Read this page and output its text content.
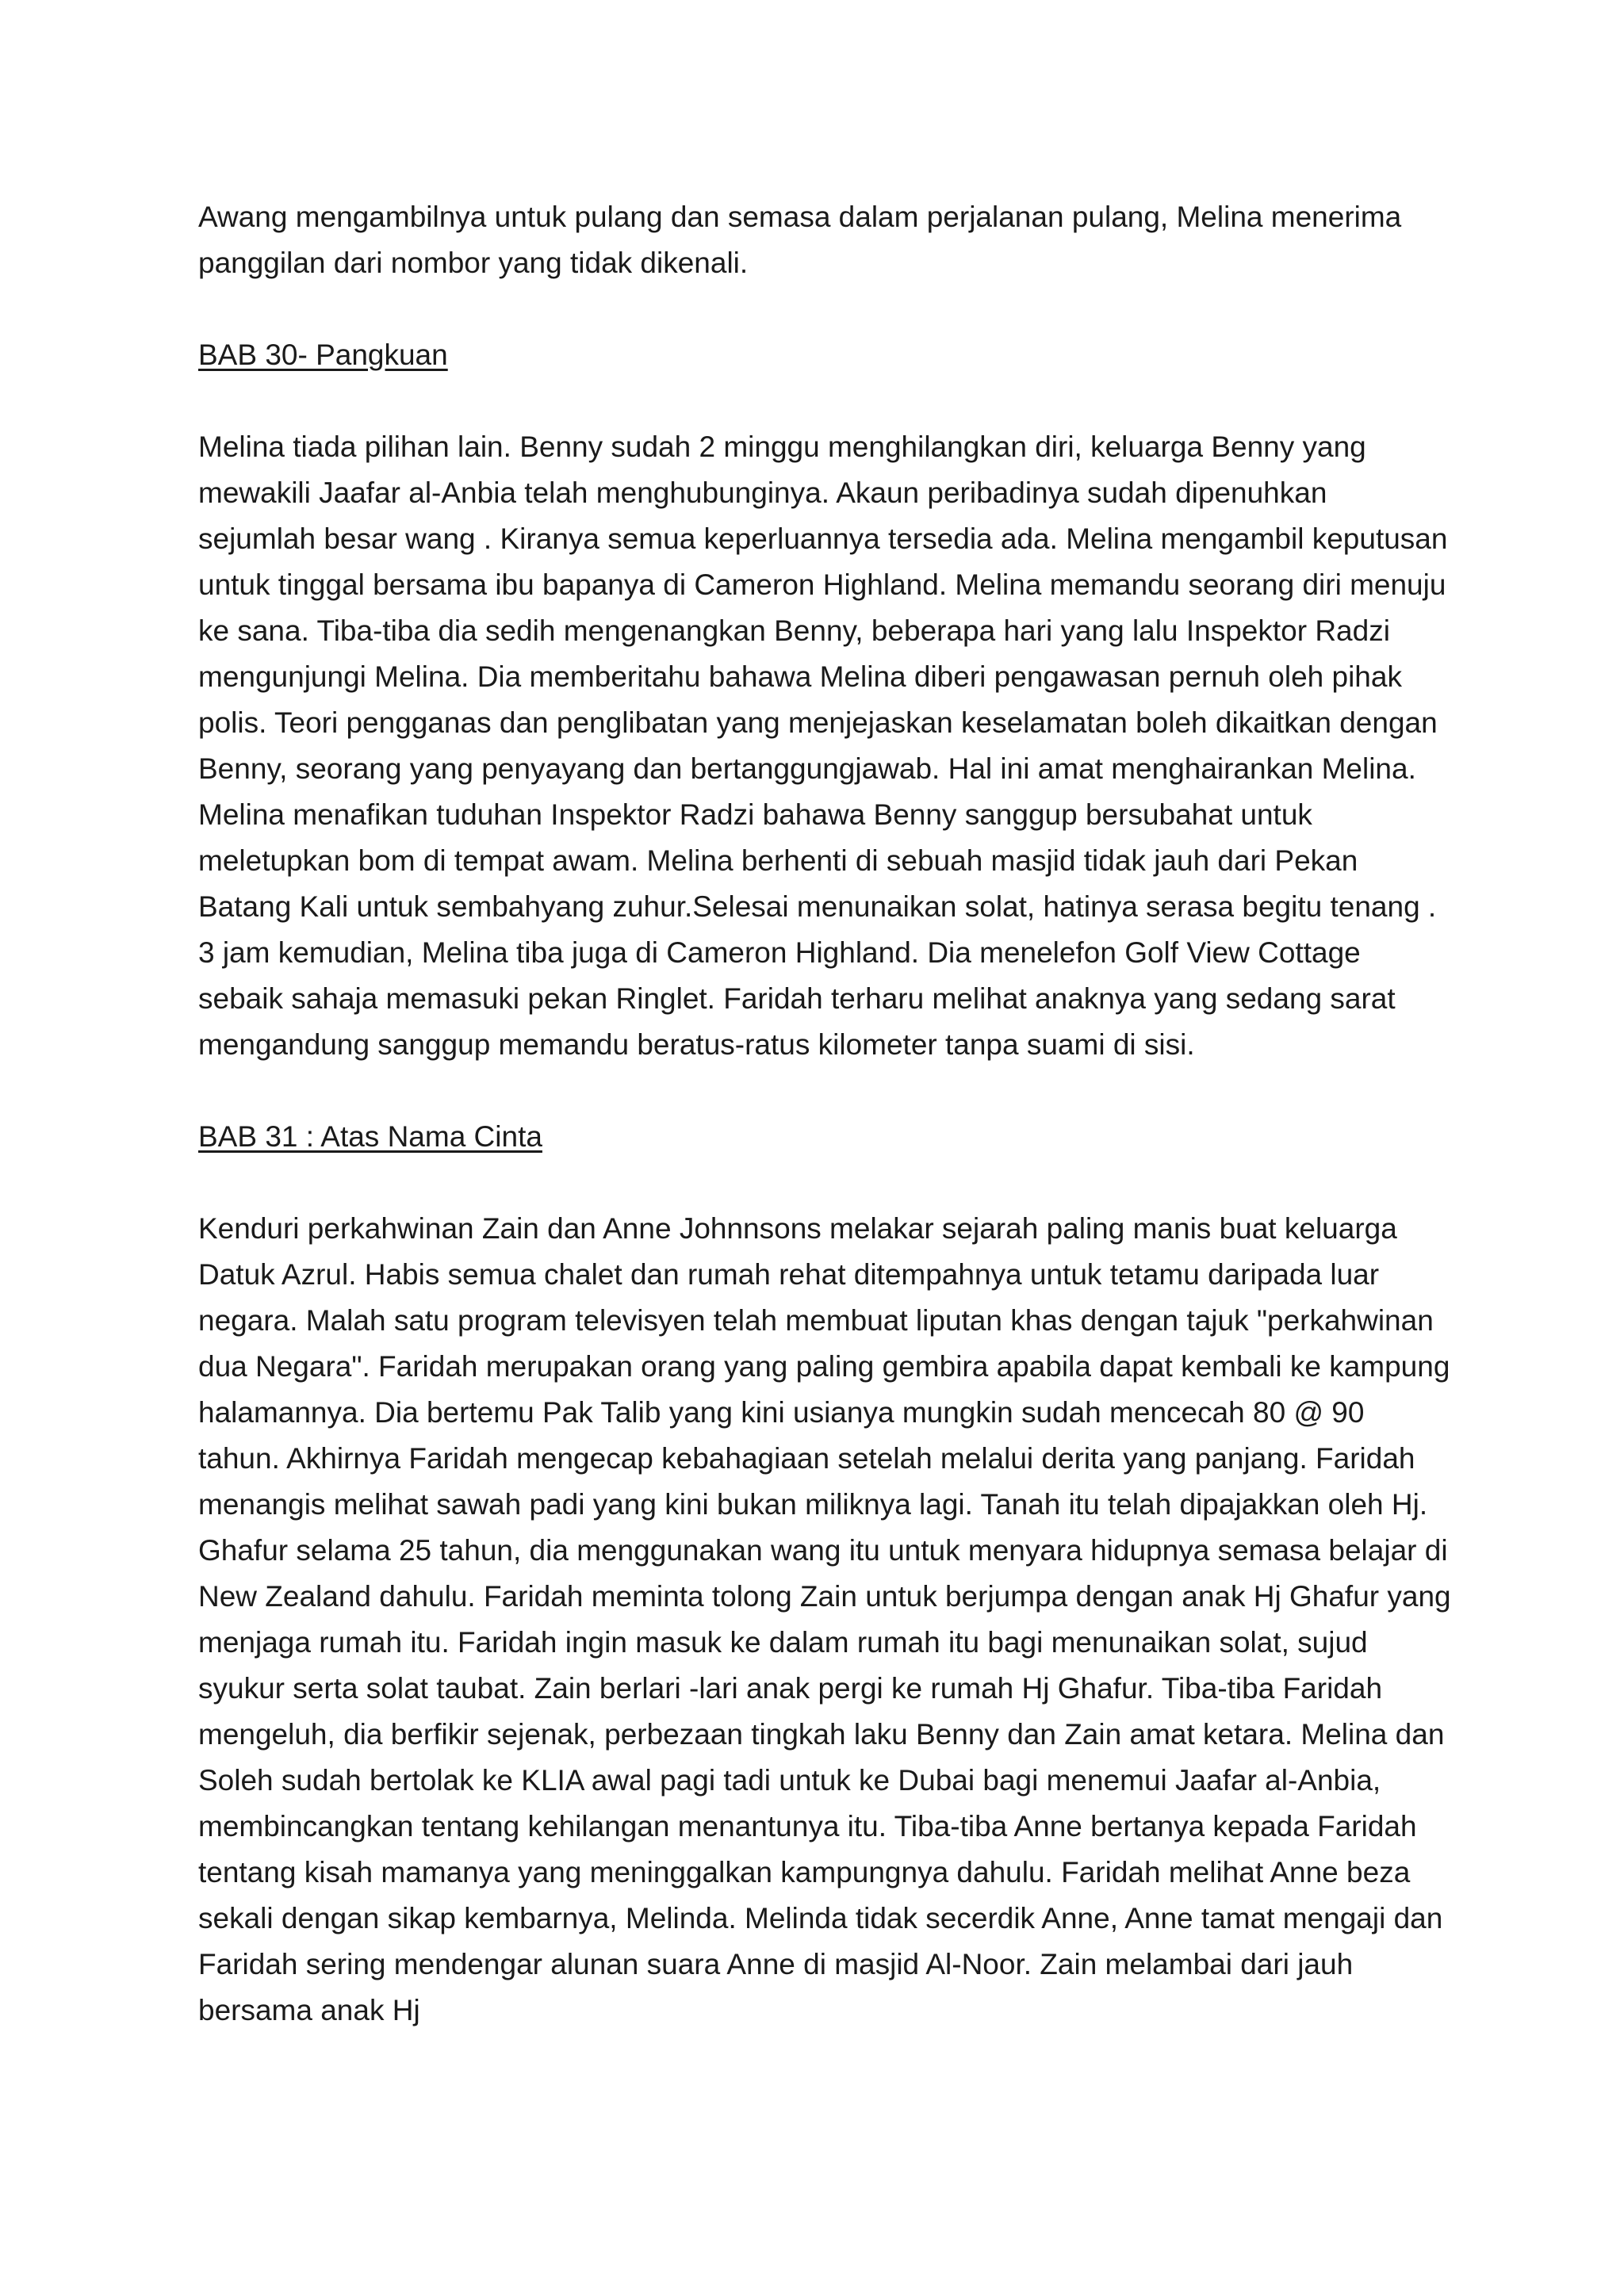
Awang mengambilnya untuk pulang dan semasa dalam perjalanan pulang, Melina menerima panggilan dari nombor yang tidak dikenali.

BAB 30- Pangkuan

Melina tiada pilihan lain. Benny sudah 2 minggu menghilangkan diri, keluarga Benny yang mewakili Jaafar al-Anbia telah menghubunginya. Akaun peribadinya sudah dipenuhkan sejumlah besar wang . Kiranya semua keperluannya tersedia ada. Melina mengambil keputusan untuk tinggal bersama ibu bapanya di Cameron Highland. Melina memandu seorang diri menuju ke sana. Tiba-tiba dia sedih mengenangkan Benny, beberapa hari yang lalu Inspektor Radzi mengunjungi Melina. Dia memberitahu bahawa Melina diberi pengawasan pernuh oleh pihak polis. Teori pengganas dan penglibatan yang menjejaskan keselamatan boleh dikaitkan dengan Benny, seorang yang penyayang dan bertanggungjawab. Hal ini amat menghairankan Melina. Melina menafikan tuduhan Inspektor Radzi bahawa Benny sanggup bersubahat untuk meletupkan bom di tempat awam. Melina berhenti di sebuah masjid tidak jauh dari Pekan Batang Kali untuk sembahyang zuhur.Selesai menunaikan solat, hatinya serasa begitu tenang . 3 jam kemudian, Melina tiba juga di Cameron Highland. Dia menelefon Golf View Cottage sebaik sahaja memasuki pekan Ringlet. Faridah terharu melihat anaknya yang sedang sarat mengandung sanggup memandu beratus-ratus kilometer tanpa suami di sisi.

BAB 31 : Atas Nama Cinta

Kenduri perkahwinan Zain dan Anne Johnnsons melakar sejarah paling manis buat keluarga Datuk Azrul. Habis semua chalet dan rumah rehat ditempahnya untuk tetamu daripada luar negara. Malah satu program televisyen telah membuat liputan khas dengan tajuk "perkahwinan dua Negara". Faridah merupakan orang yang paling gembira apabila dapat kembali ke kampung halamannya. Dia bertemu Pak Talib yang kini usianya mungkin sudah mencecah 80 @ 90 tahun. Akhirnya Faridah mengecap kebahagiaan setelah melalui derita yang panjang. Faridah menangis melihat sawah padi yang kini bukan miliknya lagi. Tanah itu telah dipajakkan oleh Hj. Ghafur selama 25 tahun, dia menggunakan wang itu untuk menyara hidupnya semasa belajar di New Zealand dahulu. Faridah meminta tolong Zain untuk berjumpa dengan anak Hj Ghafur yang menjaga rumah itu. Faridah ingin masuk ke dalam rumah itu bagi menunaikan solat, sujud syukur serta solat taubat. Zain berlari -lari anak pergi ke rumah Hj Ghafur. Tiba-tiba Faridah mengeluh, dia berfikir sejenak, perbezaan tingkah laku Benny dan Zain amat ketara. Melina dan Soleh sudah bertolak ke KLIA awal pagi tadi untuk ke Dubai bagi menemui Jaafar al-Anbia, membincangkan tentang kehilangan menantunya itu. Tiba-tiba Anne bertanya kepada Faridah tentang kisah mamanya yang meninggalkan kampungnya dahulu. Faridah melihat Anne beza sekali dengan sikap kembarnya, Melinda. Melinda tidak secerdik Anne, Anne tamat mengaji dan Faridah sering mendengar alunan suara Anne di masjid Al-Noor. Zain melambai dari jauh bersama anak Hj
